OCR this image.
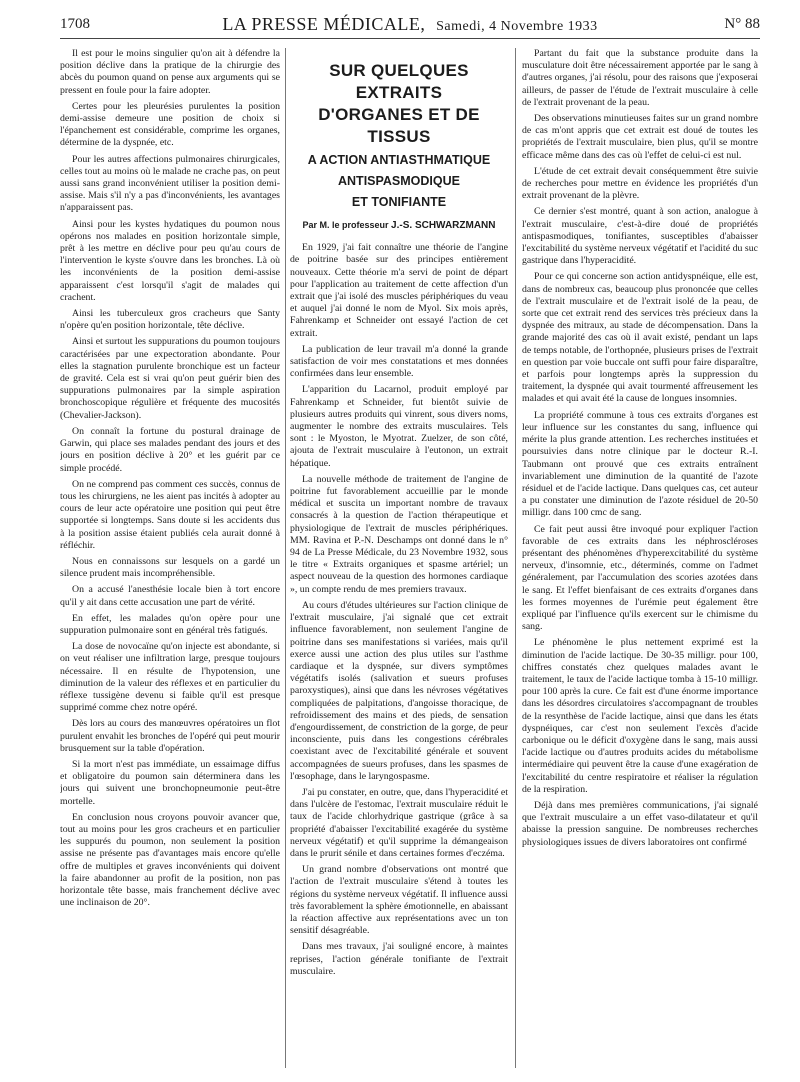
1708	LA PRESSE MÉDICALE, Samedi, 4 Novembre 1933	N° 88

Il est pour le moins singulier qu'on ait à défendre la position déclive dans la pratique de la chirurgie des abcès du poumon quand on pense aux arguments qui se pressent en foule pour la faire adopter.

Certes pour les pleurésies purulentes la position demi-assise demeure une position de choix si l'épanchement est considérable, comprime les organes, détermine de la dyspnée, etc.

Pour les autres affections pulmonaires chirurgicales, celles tout au moins où le malade ne crache pas, on peut aussi sans grand inconvénient utiliser la position demi-assise. Mais s'il n'y a pas d'inconvénients, les avantages n'apparaissent pas.

Ainsi pour les kystes hydatiques du poumon nous opérons nos malades en position horizontale simple, prêt à les mettre en déclive pour peu qu'au cours de l'intervention le kyste s'ouvre dans les bronches. Là où les inconvénients de la position demi-assise apparaissent c'est lorsqu'il s'agit de malades qui crachent.

Ainsi les tuberculeux gros cracheurs que Santy n'opère qu'en position horizontale, tête déclive.

Ainsi et surtout les suppurations du poumon toujours caractérisées par une expectoration abondante. Pour elles la stagnation purulente bronchique est un facteur de gravité. Cela est si vrai qu'on peut guérir bien des suppurations pulmonaires par la simple aspiration bronchoscopique régulière et fréquente des mucosités (Chevalier-Jackson).

On connaît la fortune du postural drainage de Garwin, qui place ses malades pendant des jours et des jours en position déclive à 20° et les guérit par ce simple procédé.

On ne comprend pas comment ces succès, connus de tous les chirurgiens, ne les aient pas incités à adopter au cours de leur acte opératoire une position qui peut être supportée si longtemps. Sans doute si les accidents dus à la position assise étaient publiés cela aurait donné à réfléchir.

Nous en connaissons sur lesquels on a gardé un silence prudent mais incompréhensible.

On a accusé l'anesthésie locale bien à tort encore qu'il y ait dans cette accusation une part de vérité.

En effet, les malades qu'on opère pour une suppuration pulmonaire sont en général très fatigués.

La dose de novocaïne qu'on injecte est abondante, si on veut réaliser une infiltration large, presque toujours nécessaire. Il en résulte de l'hypotension, une diminution de la valeur des réflexes et en particulier du réflexe tussigène devenu si faible qu'il est presque supprimé comme chez notre opéré.

Dès lors au cours des manœuvres opératoires un flot purulent envahit les bronches de l'opéré qui peut mourir brusquement sur la table d'opération.

Si la mort n'est pas immédiate, un essaimage diffus et obligatoire du poumon sain déterminera dans les jours qui suivent une bronchopneumonie peut-être mortelle.

En conclusion nous croyons pouvoir avancer que, tout au moins pour les gros cracheurs et en particulier les suppurés du poumon, non seulement la position assise ne présente pas d'avantages mais encore qu'elle offre de multiples et graves inconvénients qui doivent la faire abandonner au profit de la position, non pas horizontale tête basse, mais franchement déclive avec une inclinaison de 20°.

SUR QUELQUES EXTRAITS
D'ORGANES ET DE TISSUS
A ACTION ANTIASTHMATIQUE
ANTISPASMODIQUE
ET TONIFIANTE
Par M. le professeur J.-S. SCHWARZMANN

En 1929, j'ai fait connaître une théorie de l'angine de poitrine basée sur des principes entièrement nouveaux. Cette théorie m'a servi de point de départ pour l'application au traitement de cette affection d'un extrait que j'ai isolé des muscles périphériques du veau et auquel j'ai donné le nom de Myol. Six mois après, Fahrenkamp et Schneider ont essayé l'action de cet extrait.

La publication de leur travail m'a donné la grande satisfaction de voir mes constatations et mes données confirmées dans leur ensemble.

L'apparition du Lacarnol, produit employé par Fahrenkamp et Schneider, fut bientôt suivie de plusieurs autres produits qui vinrent, sous divers noms, augmenter le nombre des extraits musculaires. Tels sont : le Myoston, le Myotrat. Zuelzer, de son côté, ajouta de l'extrait musculaire à l'eutonon, un extrait hépatique.

La nouvelle méthode de traitement de l'angine de poitrine fut favorablement accueillie par le monde médical et suscita un important nombre de travaux consacrés à la question de l'action thérapeutique et physiologique de l'extrait de muscles périphériques. MM. Ravina et P.-N. Deschamps ont donné dans le n° 94 de La Presse Médicale, du 23 Novembre 1932, sous le titre « Extraits organiques et spasme artériel; un aspect nouveau de la question des hormones cardiaque », un compte rendu de mes premiers travaux.

Au cours d'études ultérieures sur l'action clinique de l'extrait musculaire, j'ai signalé que cet extrait influence favorablement, non seulement l'angine de poitrine dans ses manifestations si variées, mais qu'il exerce aussi une action des plus utiles sur l'asthme cardiaque et la dyspnée, sur divers symptômes végétatifs isolés (salivation et sueurs profuses paroxystiques), ainsi que dans les névroses végétatives compliquées de palpitations, d'angoisse thoracique, de refroidissement des mains et des pieds, de sensation d'engourdissement, de constriction de la gorge, de peur inconsciente, puis dans les congestions cérébrales coexistant avec de l'excitabilité générale et souvent accompagnées de sueurs profuses, dans les spasmes de l'œsophage, dans le laryngospasme.

J'ai pu constater, en outre, que, dans l'hyperacidité et dans l'ulcère de l'estomac, l'extrait musculaire réduit le taux de l'acide chlorhydrique gastrique (grâce à sa propriété d'abaisser l'excitabilité exagérée du système nerveux végétatif) et qu'il supprime la démangeaison dans le prurit sénile et dans certaines formes d'eczéma.

Un grand nombre d'observations ont montré que l'action de l'extrait musculaire s'étend à toutes les régions du système nerveux végétatif. Il influence aussi très favorablement la sphère émotionnelle, en abaissant la réaction affective aux représentations avec un ton sensitif désagréable.

Dans mes travaux, j'ai souligné encore, à maintes reprises, l'action générale tonifiante de l'extrait musculaire.

Partant du fait que la substance produite dans la musculature doit être nécessairement apportée par le sang à d'autres organes, j'ai résolu, pour des raisons que j'exposerai ailleurs, de passer de l'étude de l'extrait musculaire à celle de l'extrait provenant de la peau.

Des observations minutieuses faites sur un grand nombre de cas m'ont appris que cet extrait est doué de toutes les propriétés de l'extrait musculaire, bien plus, qu'il se montre efficace même dans des cas où l'effet de celui-ci est nul.

L'étude de cet extrait devait conséquemment être suivie de recherches pour mettre en évidence les propriétés d'un extrait provenant de la plèvre.

Ce dernier s'est montré, quant à son action, analogue à l'extrait musculaire, c'est-à-dire doué de propriétés antispasmodiques, tonifiantes, susceptibles d'abaisser l'excitabilité du système nerveux végétatif et l'acidité du suc gastrique dans l'hyperacidité.

Pour ce qui concerne son action antidyspnéique, elle est, dans de nombreux cas, beaucoup plus prononcée que celles de l'extrait musculaire et de l'extrait isolé de la peau, de sorte que cet extrait rend des services très précieux dans la dyspnée des mitraux, au stade de décompensation. Dans la grande majorité des cas où il avait existé, pendant un laps de temps notable, de l'orthopnée, plusieurs prises de l'extrait en question par voie buccale ont suffi pour faire disparaître, et parfois pour longtemps après la suppression du traitement, la dyspnée qui avait tourmenté affreusement les malades et qui avait été la cause de longues insomnies.

La propriété commune à tous ces extraits d'organes est leur influence sur les constantes du sang, influence qui mérite la plus grande attention. Les recherches instituées et poursuivies dans notre clinique par le docteur R.-I. Taubmann ont prouvé que ces extraits entraînent invariablement une diminution de la quantité de l'azote résiduel et de l'acide lactique. Dans quelques cas, cet auteur a pu constater une diminution de l'azote résiduel de 20-50 milligr. dans 100 cmc de sang.

Ce fait peut aussi être invoqué pour expliquer l'action favorable de ces extraits dans les néphroscléroses présentant des phénomènes d'hyperexcitabilité du système nerveux, d'insomnie, etc., déterminés, comme on l'admet généralement, par l'accumulation des scories azotées dans le sang. Et l'effet bienfaisant de ces extraits d'organes dans les formes moyennes de l'urémie peut également être expliqué par l'influence qu'ils exercent sur le chimisme du sang.

Le phénomène le plus nettement exprimé est la diminution de l'acide lactique. De 30-35 milligr. pour 100, chiffres constatés chez quelques malades avant le traitement, le taux de l'acide lactique tomba à 15-10 milligr. pour 100 après la cure. Ce fait est d'une énorme importance dans les désordres circulatoires s'accompagnant de troubles de la resynthèse de l'acide lactique, ainsi que dans les états dyspnéiques, car c'est non seulement l'excès d'acide carbonique ou le déficit d'oxygène dans le sang, mais aussi l'acide lactique ou d'autres produits acides du métabolisme intermédiaire qui peuvent être la cause d'une exagération de l'excitabilité du centre respiratoire et réaliser la régulation de la respiration.

Déjà dans mes premières communications, j'ai signalé que l'extrait musculaire a un effet vaso-dilatateur et qu'il abaisse la pression sanguine. De nombreuses recherches physiologiques issues de divers laboratoires ont confirmé
